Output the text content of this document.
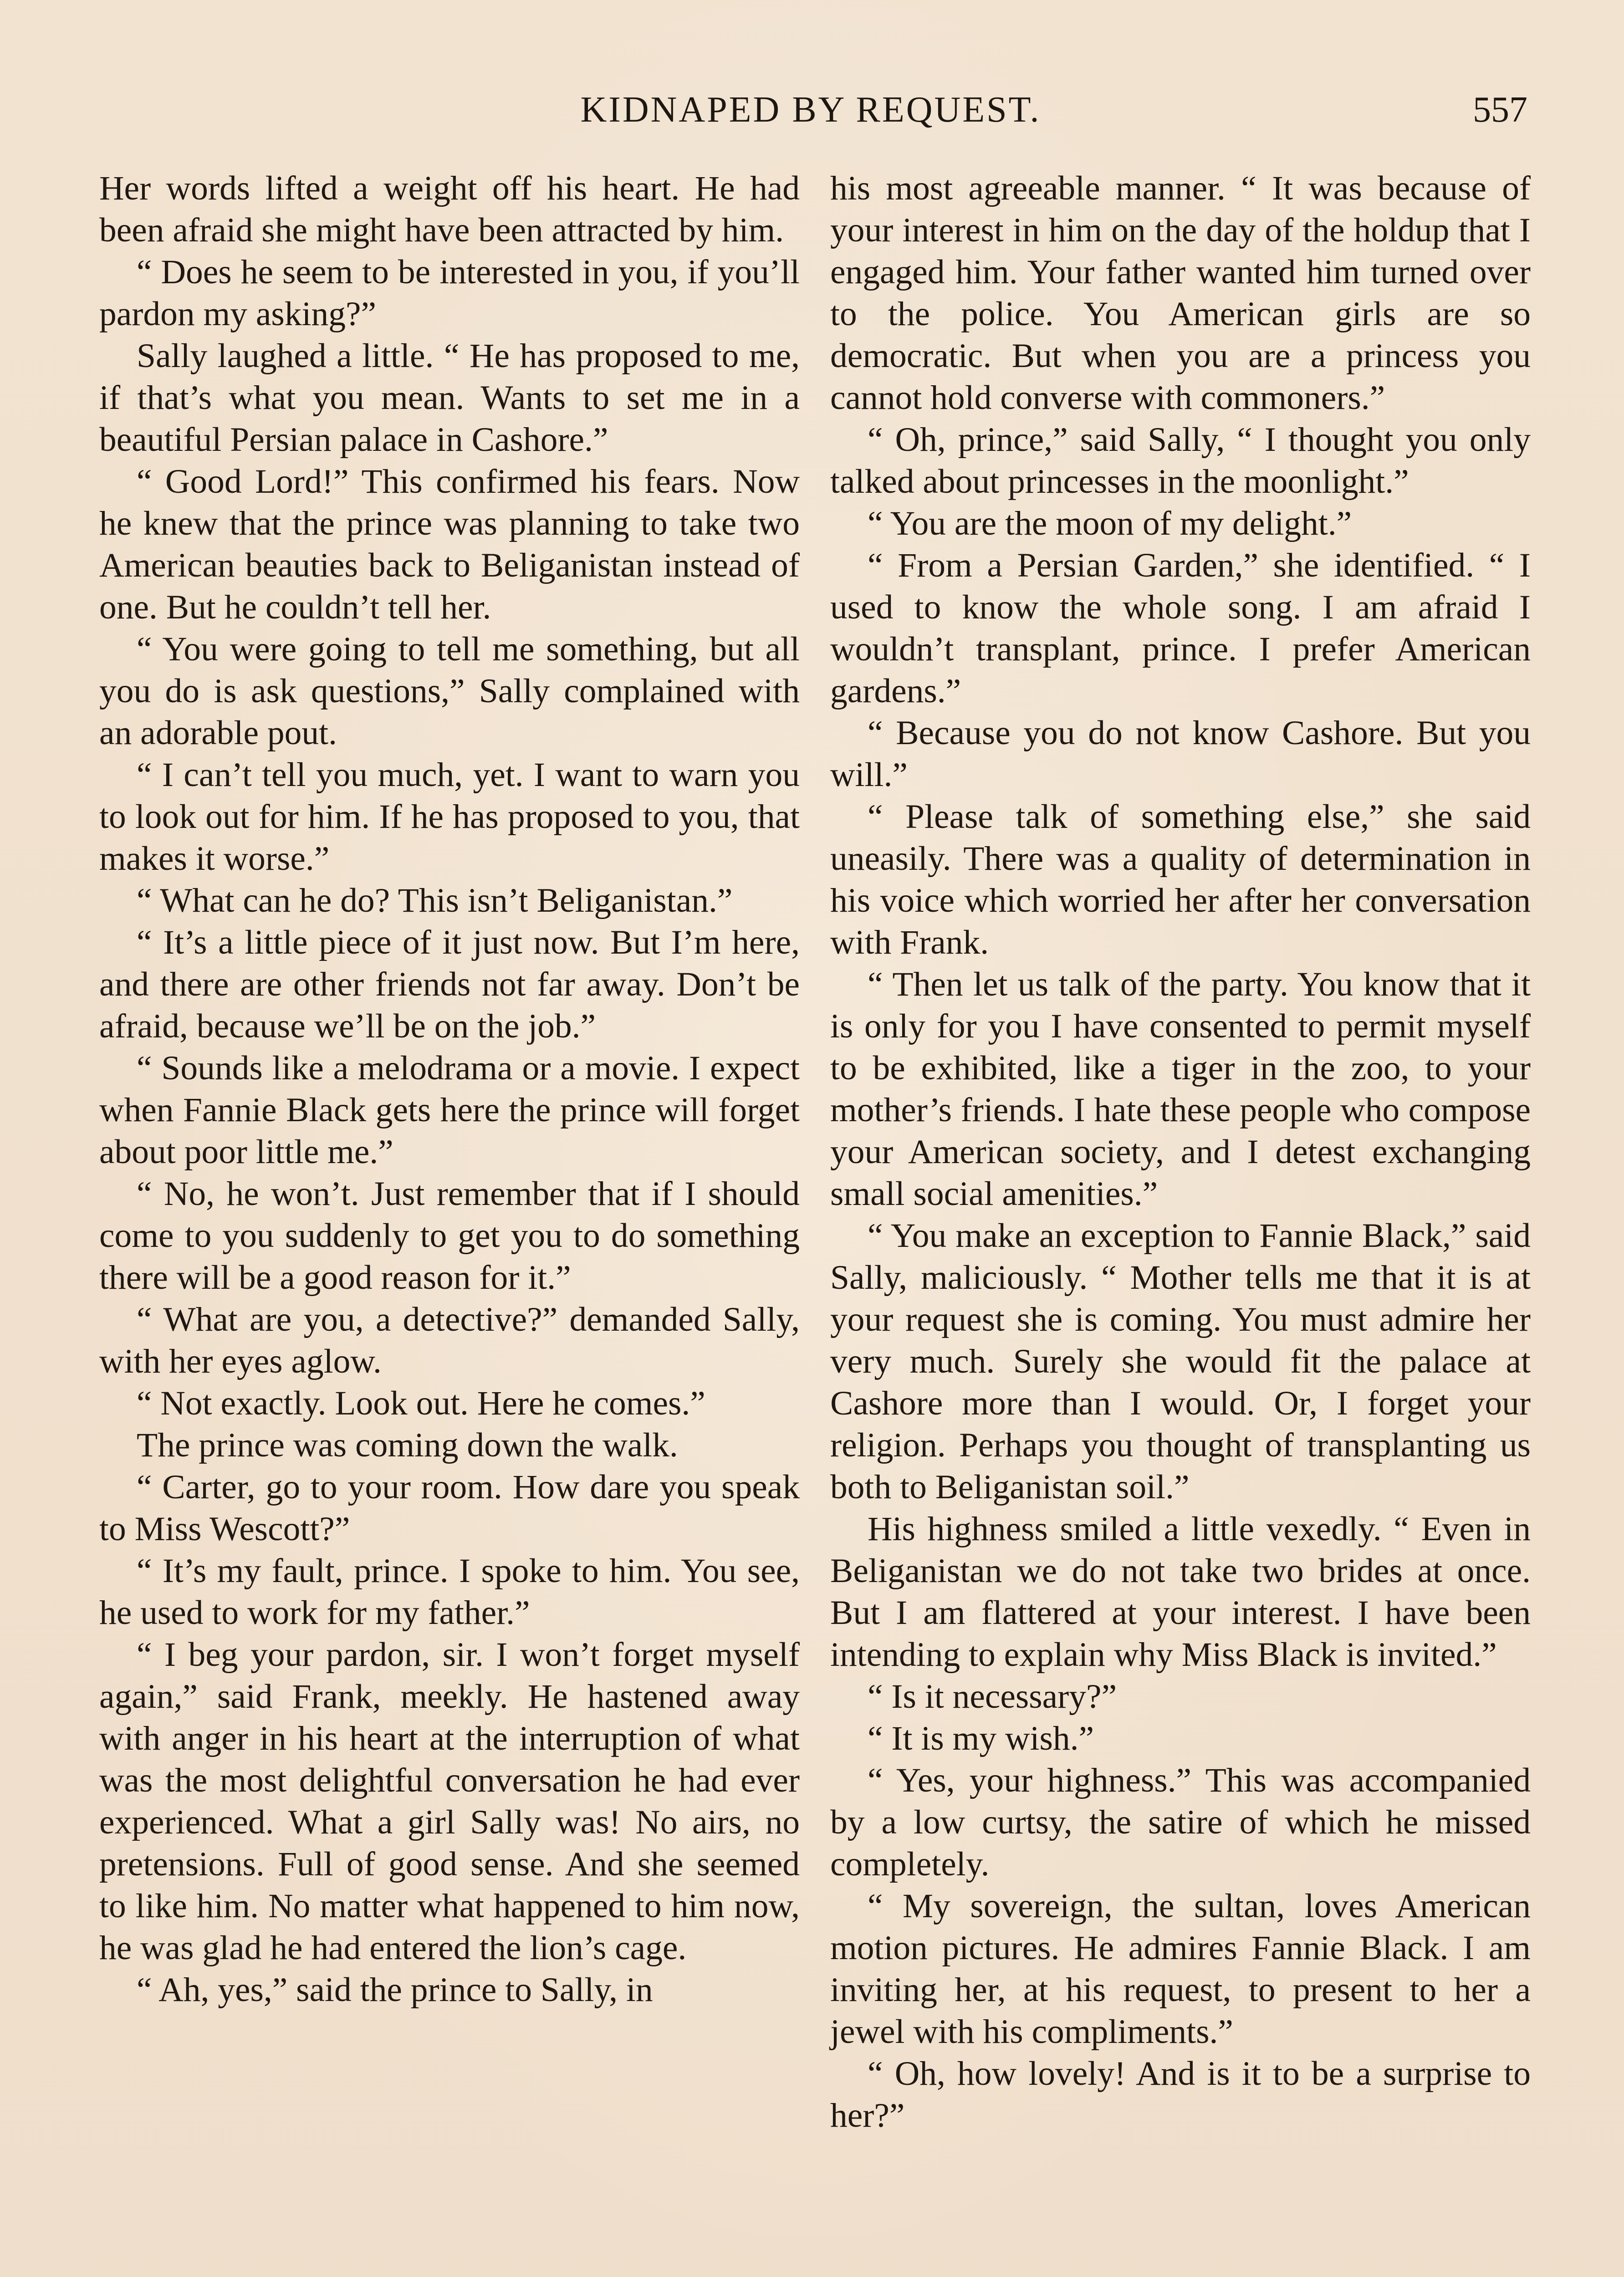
KIDNAPED BY REQUEST.	557

Her words lifted a weight off his heart. He had been afraid she might have been attracted by him.

“ Does he seem to be interested in you, if you’ll pardon my asking?”

Sally laughed a little. “ He has proposed to me, if that’s what you mean. Wants to set me in a beautiful Persian palace in Cashore.”

“ Good Lord!” This confirmed his fears. Now he knew that the prince was planning to take two American beauties back to Beliganistan instead of one. But he couldn’t tell her.

“ You were going to tell me something, but all you do is ask questions,” Sally complained with an adorable pout.

“ I can’t tell you much, yet. I want to warn you to look out for him. If he has proposed to you, that makes it worse.”

“ What can he do? This isn’t Beliganistan.”

“ It’s a little piece of it just now. But I’m here, and there are other friends not far away. Don’t be afraid, because we’ll be on the job.”

“ Sounds like a melodrama or a movie. I expect when Fannie Black gets here the prince will forget about poor little me.”

“ No, he won’t. Just remember that if I should come to you suddenly to get you to do something there will be a good reason for it.”

“ What are you, a detective?” demanded Sally, with her eyes aglow.

“ Not exactly. Look out. Here he comes.”

The prince was coming down the walk.

“ Carter, go to your room. How dare you speak to Miss Wescott?”

“ It’s my fault, prince. I spoke to him. You see, he used to work for my father.”

“ I beg your pardon, sir. I won’t forget myself again,” said Frank, meekly. He hastened away with anger in his heart at the interruption of what was the most delightful conversation he had ever experienced. What a girl Sally was! No airs, no pretensions. Full of good sense. And she seemed to like him. No matter what happened to him now, he was glad he had entered the lion’s cage.

“ Ah, yes,” said the prince to Sally, in

his most agreeable manner. “ It was because of your interest in him on the day of the holdup that I engaged him. Your father wanted him turned over to the police. You American girls are so democratic. But when you are a princess you cannot hold converse with commoners.”

“ Oh, prince,” said Sally, “ I thought you only talked about princesses in the moonlight.”

“ You are the moon of my delight.”

“ From a Persian Garden,” she identified. “ I used to know the whole song. I am afraid I wouldn’t transplant, prince. I prefer American gardens.”

“ Because you do not know Cashore. But you will.”

“ Please talk of something else,” she said uneasily. There was a quality of determination in his voice which worried her after her conversation with Frank.

“ Then let us talk of the party. You know that it is only for you I have consented to permit myself to be exhibited, like a tiger in the zoo, to your mother’s friends. I hate these people who compose your American society, and I detest exchanging small social amenities.”

“ You make an exception to Fannie Black,” said Sally, maliciously. “ Mother tells me that it is at your request she is coming. You must admire her very much. Surely she would fit the palace at Cashore more than I would. Or, I forget your religion. Perhaps you thought of transplanting us both to Beliganistan soil.”

His highness smiled a little vexedly. “ Even in Beliganistan we do not take two brides at once. But I am flattered at your interest. I have been intending to explain why Miss Black is invited.”

“ Is it necessary?”

“ It is my wish.”

“ Yes, your highness.” This was accompanied by a low curtsy, the satire of which he missed completely.

“ My sovereign, the sultan, loves American motion pictures. He admires Fannie Black. I am inviting her, at his request, to present to her a jewel with his compliments.”

“ Oh, how lovely! And is it to be a surprise to her?”
